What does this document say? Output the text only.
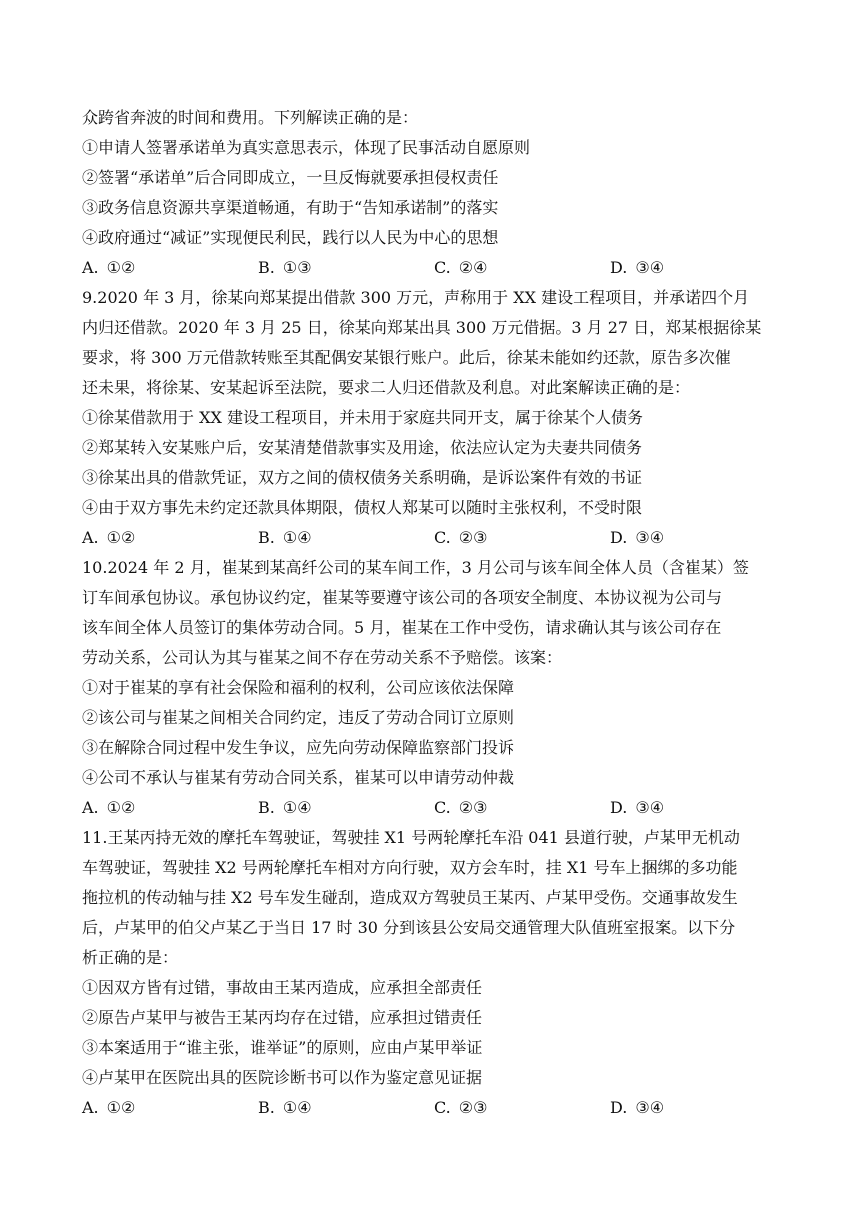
众跨省奔波的时间和费用。下列解读正确的是：
①申请人签署承诺单为真实意思表示，体现了民事活动自愿原则
②签署“承诺单”后合同即成立，一旦反悔就要承担侵权责任
③政务信息资源共享渠道畅通，有助于“告知承诺制”的落实
④政府通过“减证”实现便民利民，践行以人民为中心的思想
A. ①②	B. ①③	C. ②④	D. ③④
9.2020 年 3 月，徐某向郑某提出借款 300 万元，声称用于 XX 建设工程项目，并承诺四个月
内归还借款。2020 年 3 月 25 日，徐某向郑某出具 300 万元借据。3 月 27 日，郑某根据徐某
要求，将 300 万元借款转账至其配偶安某银行账户。此后，徐某未能如约还款，原告多次催
还未果，将徐某、安某起诉至法院，要求二人归还借款及利息。对此案解读正确的是：
①徐某借款用于 XX 建设工程项目，并未用于家庭共同开支，属于徐某个人债务
②郑某转入安某账户后，安某清楚借款事实及用途，依法应认定为夫妻共同债务
③徐某出具的借款凭证，双方之间的债权债务关系明确，是诉讼案件有效的书证
④由于双方事先未约定还款具体期限，债权人郑某可以随时主张权利，不受时限
A. ①②	B. ①④	C. ②③	D. ③④
10.2024 年 2 月，崔某到某高纤公司的某车间工作，3 月公司与该车间全体人员（含崔某）签
订车间承包协议。承包协议约定，崔某等要遵守该公司的各项安全制度、本协议视为公司与
该车间全体人员签订的集体劳动合同。5 月，崔某在工作中受伤，请求确认其与该公司存在
劳动关系，公司认为其与崔某之间不存在劳动关系不予赔偿。该案：
①对于崔某的享有社会保险和福利的权利，公司应该依法保障
②该公司与崔某之间相关合同约定，违反了劳动合同订立原则
③在解除合同过程中发生争议，应先向劳动保障监察部门投诉
④公司不承认与崔某有劳动合同关系，崔某可以申请劳动仲裁
A. ①②	B. ①④	C. ②③	D. ③④
11.王某丙持无效的摩托车驾驶证，驾驶挂 X1 号两轮摩托车沿 041 县道行驶，卢某甲无机动
车驾驶证，驾驶挂 X2 号两轮摩托车相对方向行驶，双方会车时，挂 X1 号车上捆绑的多功能
拖拉机的传动轴与挂 X2 号车发生碰刮，造成双方驾驶员王某丙、卢某甲受伤。交通事故发生
后，卢某甲的伯父卢某乙于当日 17 时 30 分到该县公安局交通管理大队值班室报案。以下分
析正确的是：
①因双方皆有过错，事故由王某丙造成，应承担全部责任
②原告卢某甲与被告王某丙均存在过错，应承担过错责任
③本案适用于“谁主张，谁举证”的原则，应由卢某甲举证
④卢某甲在医院出具的医院诊断书可以作为鉴定意见证据
A. ①②	B. ①④	C. ②③	D. ③④
